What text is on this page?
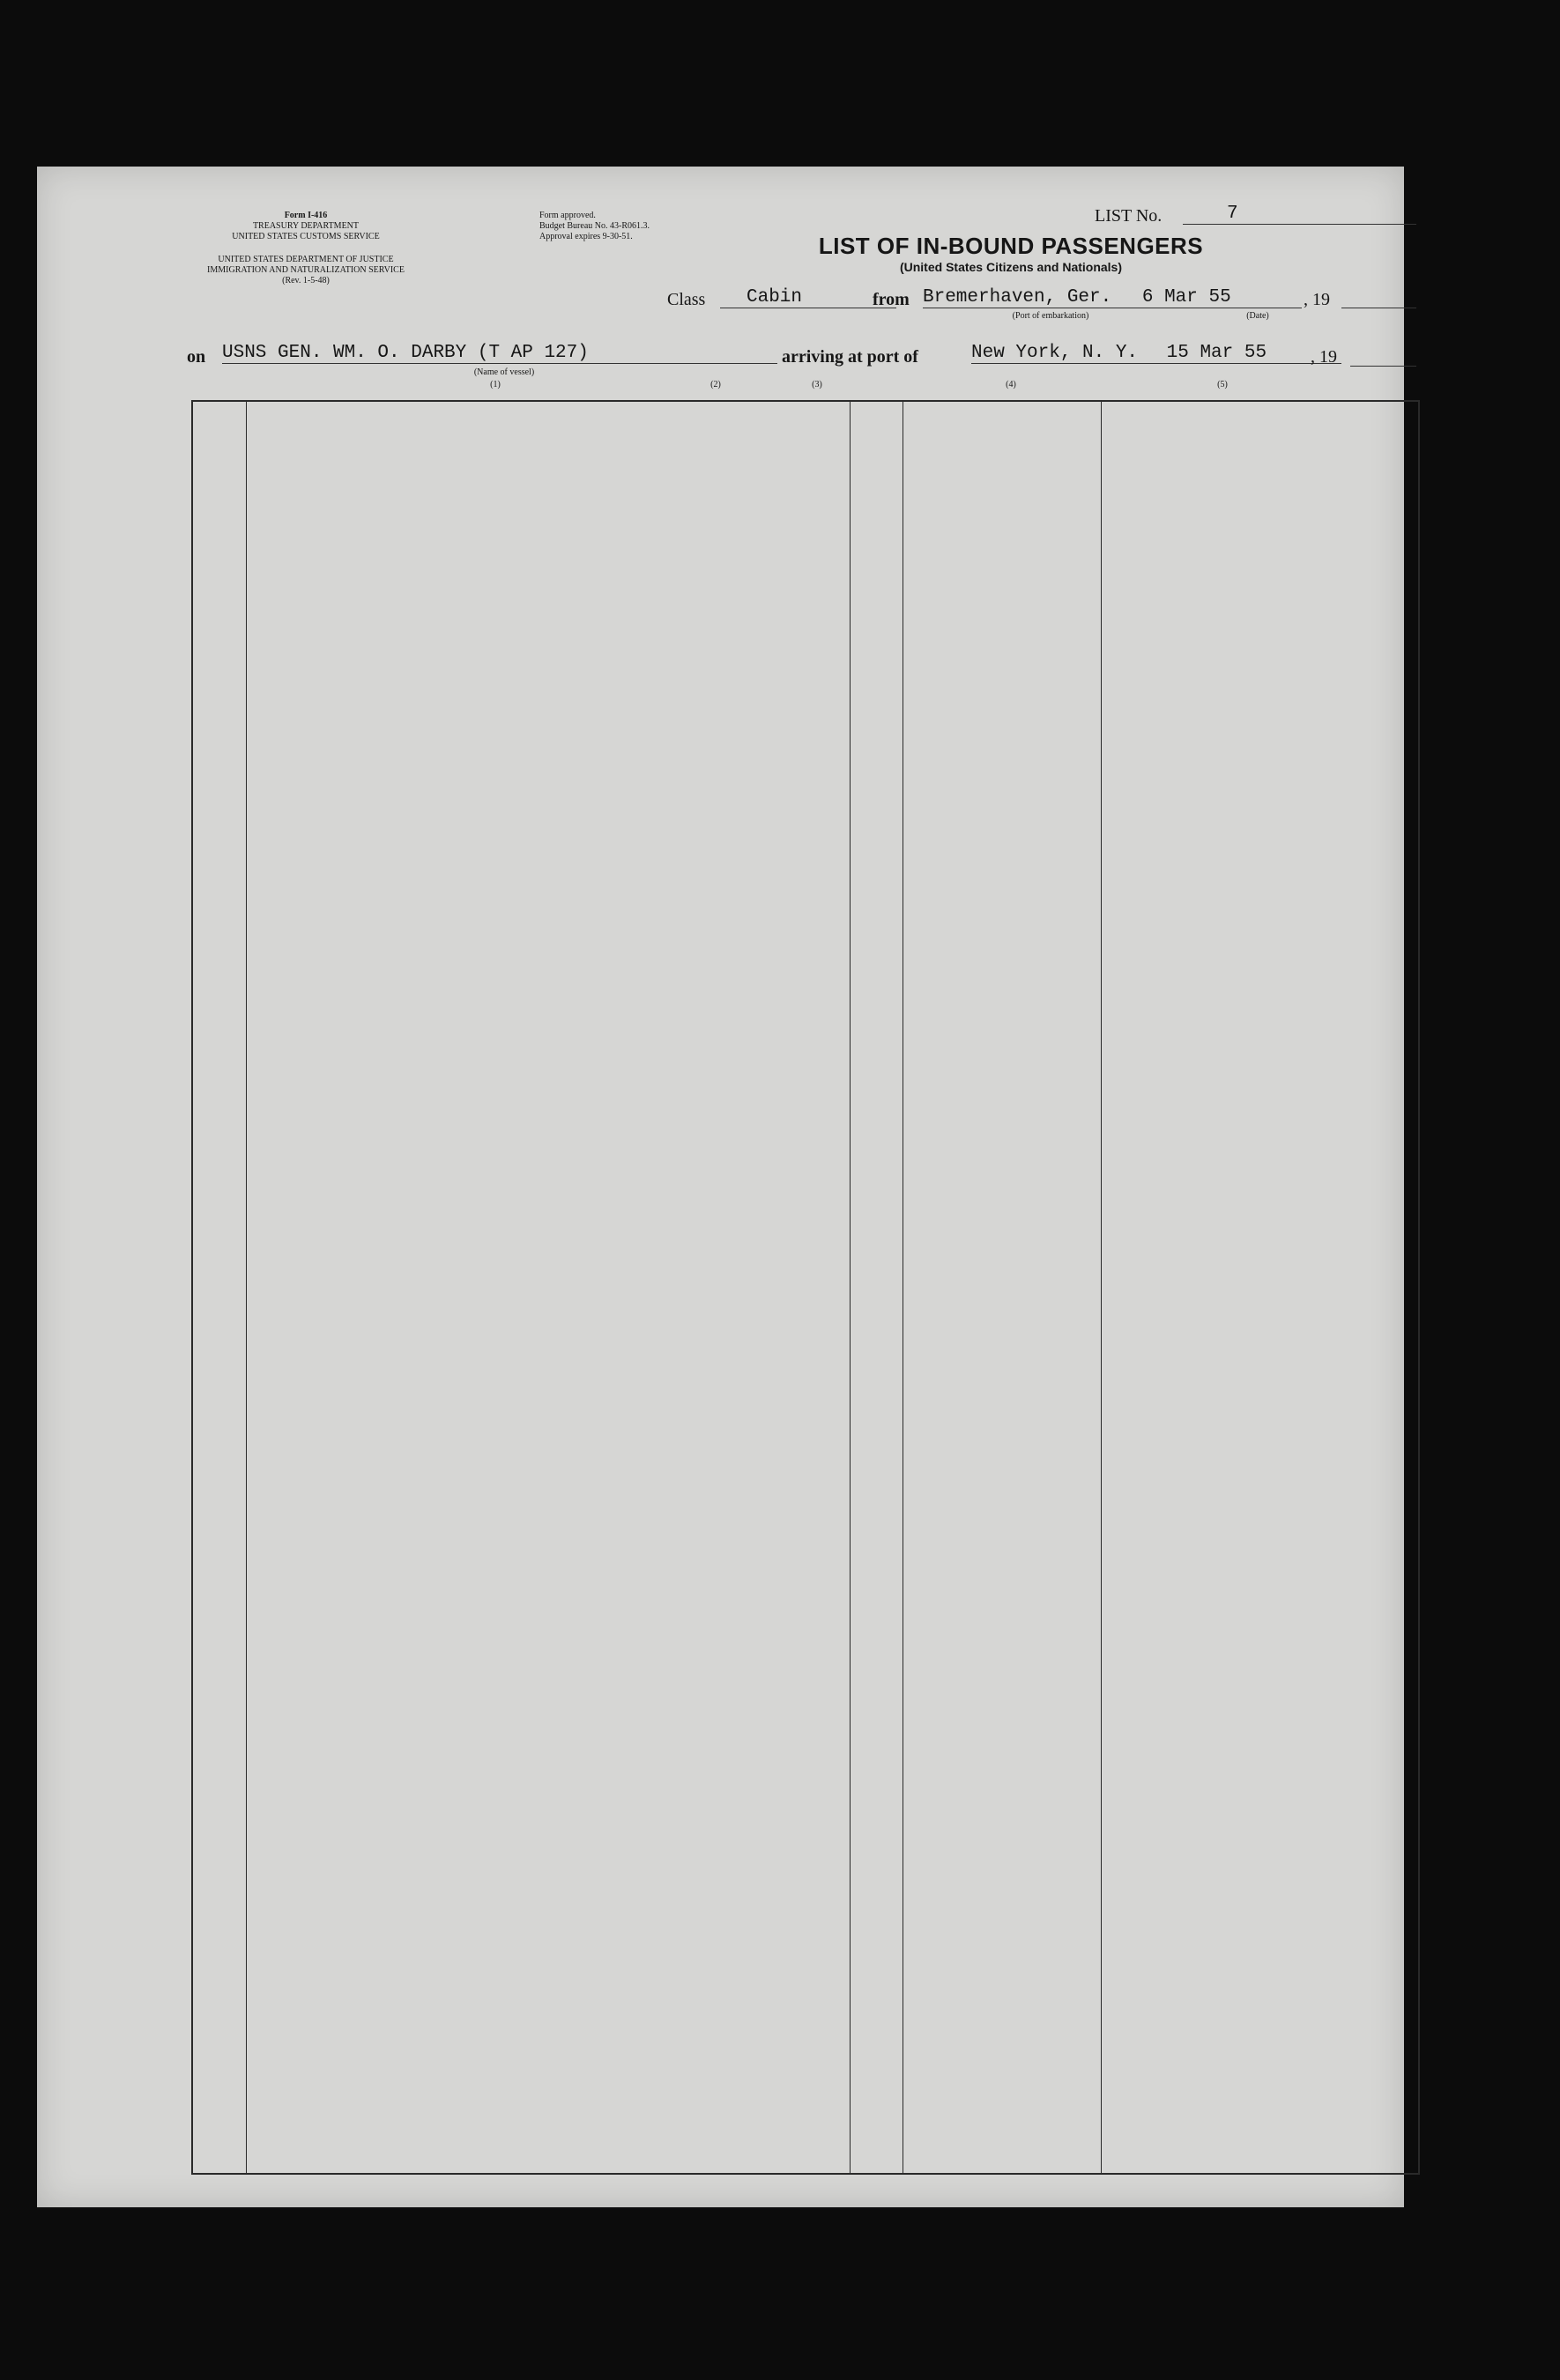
Form I-416
TREASURY DEPARTMENT
UNITED STATES CUSTOMS SERVICE
UNITED STATES DEPARTMENT OF JUSTICE
IMMIGRATION AND NATURALIZATION SERVICE
(Rev. 1-5-48)
Form approved.
Budget Bureau No. 43-R061.3.
Approval expires 9-30-51.
LIST No.	7
LIST OF IN-BOUND PASSENGERS
(United States Citizens and Nationals)
Class	Cabin	from Bremerhaven, Ger. 6 Mar 55	, 19
(Port of embarkation)	(Date)
on USNS GEN. WM. O. DARBY (T AP 127)
(Name of vessel)
(1)
arriving at port of	New York, N. Y. 15 Mar 55	, 19
(2)	(3)	(4)	(5)
